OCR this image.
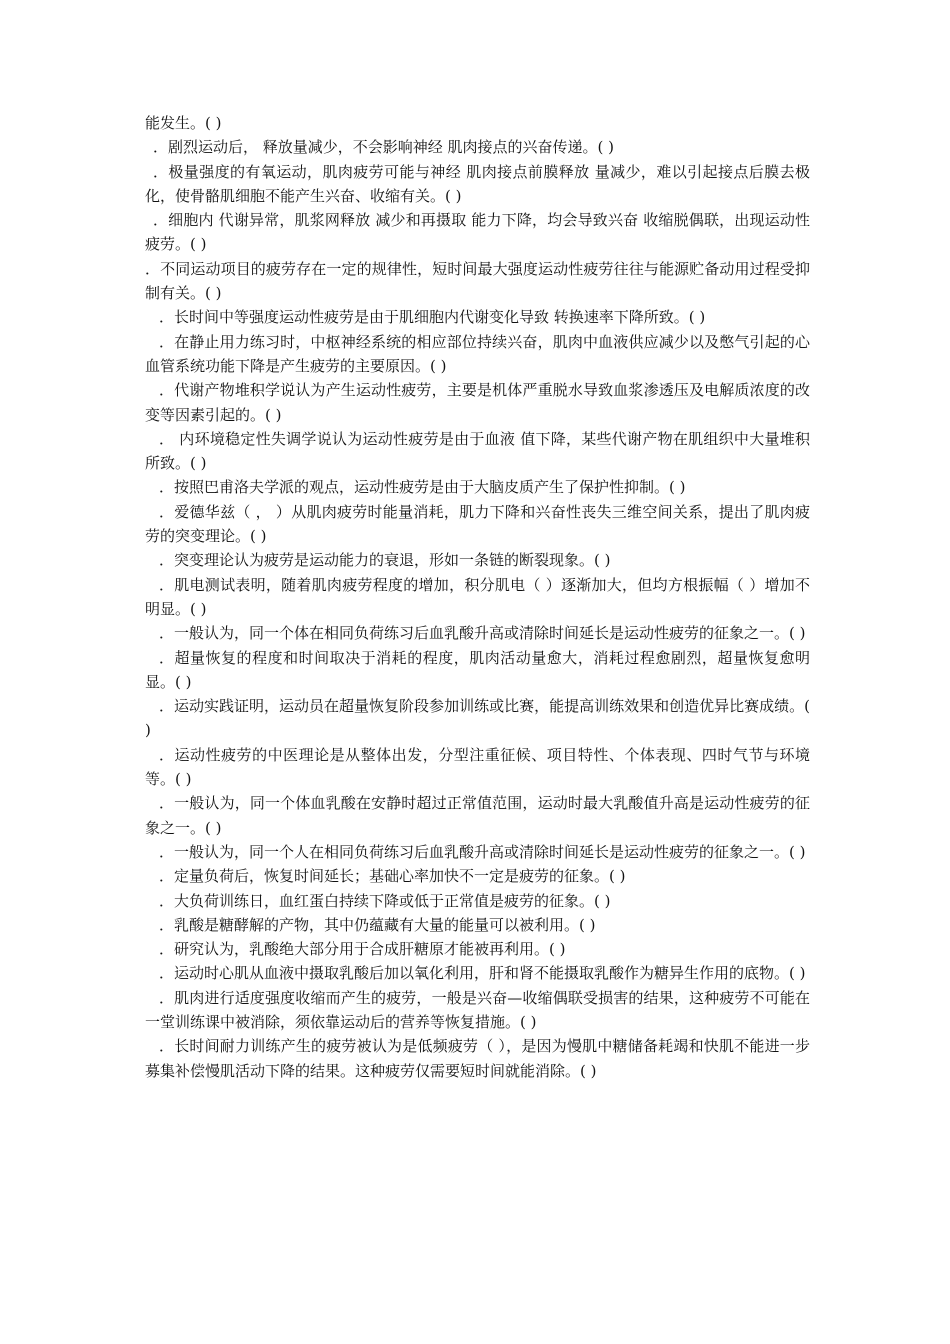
能发生。( )

．剧烈运动后， 释放量减少，不会影响神经 肌肉接点的兴奋传递。( )

．极量强度的有氧运动，肌肉疲劳可能与神经 肌肉接点前膜释放 量减少，难以引起接点后膜去极化，使骨骼肌细胞不能产生兴奋、收缩有关。( )

．细胞内 代谢异常，肌浆网释放 减少和再摄取 能力下降，均会导致兴奋 收缩脱偶联，出现运动性疲劳。( )

．不同运动项目的疲劳存在一定的规律性，短时间最大强度运动性疲劳往往与能源贮备动用过程受抑制有关。( )

．长时间中等强度运动性疲劳是由于肌细胞内代谢变化导致 转换速率下降所致。( )

．在静止用力练习时，中枢神经系统的相应部位持续兴奋，肌肉中血液供应减少以及憋气引起的心血管系统功能下降是产生疲劳的主要原因。( )

．代谢产物堆积学说认为产生运动性疲劳，主要是机体严重脱水导致血浆渗透压及电解质浓度的改变等因素引起的。( )

． 内环境稳定性失调学说认为运动性疲劳是由于血液 值下降，某些代谢产物在肌组织中大量堆积所致。( )

．按照巴甫洛夫学派的观点，运动性疲劳是由于大脑皮质产生了保护性抑制。( )

．爱德华兹（ ， ）从肌肉疲劳时能量消耗，肌力下降和兴奋性丧失三维空间关系，提出了肌肉疲劳的突变理论。( )

．突变理论认为疲劳是运动能力的衰退，形如一条链的断裂现象。( )

．肌电测试表明，随着肌肉疲劳程度的增加，积分肌电（ ）逐渐加大，但均方根振幅（ ）增加不明显。( )

．一般认为，同一个体在相同负荷练习后血乳酸升高或清除时间延长是运动性疲劳的征象之一。( )

．超量恢复的程度和时间取决于消耗的程度，肌肉活动量愈大，消耗过程愈剧烈，超量恢复愈明显。( )

．运动实践证明，运动员在超量恢复阶段参加训练或比赛，能提高训练效果和创造优异比赛成绩。( )

．运动性疲劳的中医理论是从整体出发，分型注重征候、项目特性、个体表现、四时气节与环境等。( )

．一般认为，同一个体血乳酸在安静时超过正常值范围，运动时最大乳酸值升高是运动性疲劳的征象之一。( )

．一般认为，同一个人在相同负荷练习后血乳酸升高或清除时间延长是运动性疲劳的征象之一。( )

．定量负荷后，恢复时间延长；基础心率加快不一定是疲劳的征象。( )

．大负荷训练日，血红蛋白持续下降或低于正常值是疲劳的征象。( )

．乳酸是糖酵解的产物，其中仍蕴藏有大量的能量可以被利用。( )

．研究认为，乳酸绝大部分用于合成肝糖原才能被再利用。( )

．运动时心肌从血液中摄取乳酸后加以氧化利用，肝和肾不能摄取乳酸作为糖异生作用的底物。( )

．肌肉进行适度强度收缩而产生的疲劳，一般是兴奋—收缩偶联受损害的结果，这种疲劳不可能在一堂训练课中被消除，须依靠运动后的营养等恢复措施。( )

．长时间耐力训练产生的疲劳被认为是低频疲劳（ ），是因为慢肌中糖储备耗竭和快肌不能进一步募集补偿慢肌活动下降的结果。这种疲劳仅需要短时间就能消除。( )
